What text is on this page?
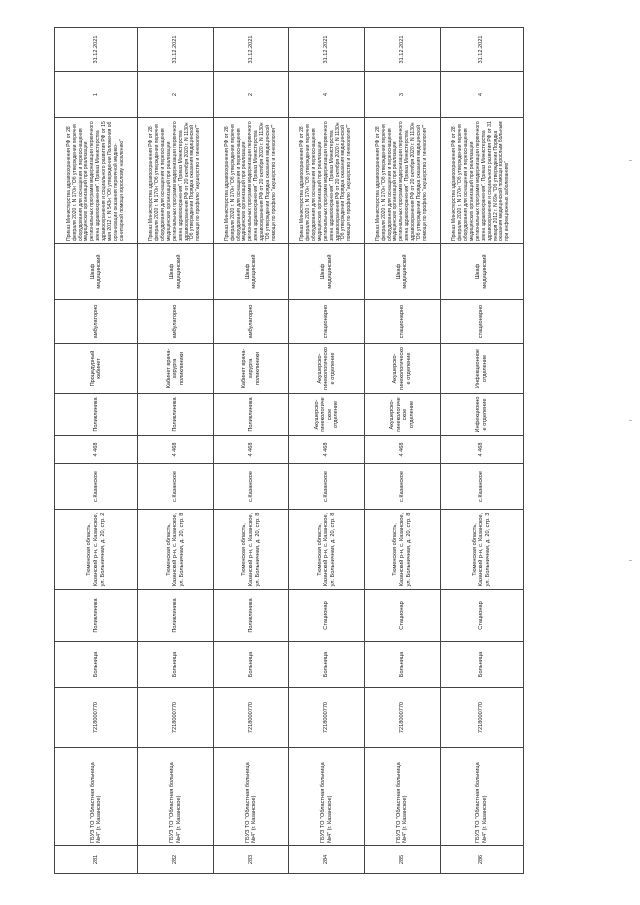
281	ГБУЗ ТО "Областная больница №4" (г. Казанское)	7218000770	Больница	Поликлиника	Тюменская область, Казанский р-н, с. Казанское, ул. Больничная, д. 20, стр. 2	с.Казанское	4 468	Поликлиника	Процедурный кабинет	амбулаторно	Шкаф медицинский	Приказ Министерства здравоохранения РФ от 28 февраля 2020 г. N 170н "Об утверждении перечня оборудования для оснащения и переоснащения медицинских организаций при реализации региональных программ модернизации первичного звена здравоохранения". Приказ Министерства здравоохранения и социального развития РФ от 15 мая 2012 г. N 543н "Об утверждении Положения об организации оказания первичной медико-санитарной помощи взрослому населению"	1	31.12.2021
282	ГБУЗ ТО "Областная больница №4" (г. Казанское)	7218000770	Больница	Поликлиника	Тюменская область, Казанский р-н, с. Казанское, ул. Больничная, д. 20, стр. 8	с.Казанское	4 468	Поликлиника	Кабинет врача-хирурга поликлиники	амбулаторно	Шкаф медицинский	Приказ Министерства здравоохранения РФ от 28 февраля 2020 г. N 170н "Об утверждении перечня оборудования для оснащения и переоснащения медицинских организаций при реализации региональных программ модернизации первичного звена здравоохранения". Приказ Министерства здравоохранения РФ от 20 октября 2020 г. N 1130н "Об утверждении Порядка оказания медицинской помощи по профилю "акушерство и гинекология""	2	31.12.2021
283	ГБУЗ ТО "Областная больница №4" (г. Казанское)	7218000770	Больница	Поликлиника	Тюменская область, Казанский р-н, с. Казанское, ул. Больничная, д. 20, стр. 8	с.Казанское	4 468	Поликлиника	Кабинет врача-хирурга поликлиники	амбулаторно	Шкаф медицинский	Приказ Министерства здравоохранения РФ от 28 февраля 2020 г. N 170н "Об утверждении перечня оборудования для оснащения и переоснащения медицинских организаций при реализации региональных программ модернизации первичного звена здравоохранения". Приказ Министерства здравоохранения РФ от 20 октября 2020 г. N 1130н "Об утверждении Порядка оказания медицинской помощи по профилю "акушерство и гинекология""	2	31.12.2021
284	ГБУЗ ТО "Областная больница №4" (г. Казанское)	7218000770	Больница	Стационар	Тюменская область, Казанский р-н, с. Казанское, ул. Больничная, д. 20, стр. 8	с.Казанское	4 468	Акушерско-гинекологическое отделение	Акушерско-гинекологическое отделение	стационарно	Шкаф медицинский	Приказ Министерства здравоохранения РФ от 28 февраля 2020 г. N 170н "Об утверждении перечня оборудования для оснащения и переоснащения медицинских организаций при реализации региональных программ модернизации первичного звена здравоохранения". Приказ Министерства здравоохранения РФ от 20 октября 2020 г. N 1130н "Об утверждении Порядка оказания медицинской помощи по профилю "акушерство и гинекология""	4	31.12.2021
285	ГБУЗ ТО "Областная больница №4" (г. Казанское)	7218000770	Больница	Стационар	Тюменская область, Казанский р-н, с. Казанское, ул. Больничная, д. 20, стр. 8	с.Казанское	4 468	Акушерско-гинекологическое отделение	Акушерско-гинекологическое отделение	стационарно	Шкаф медицинский	Приказ Министерства здравоохранения РФ от 28 февраля 2020 г. N 170н "Об утверждении перечня оборудования для оснащения и переоснащения медицинских организаций при реализации региональных программ модернизации первичного звена здравоохранения". Приказ Министерства здравоохранения РФ от 20 октября 2020 г. N 1130н "Об утверждении Порядка оказания медицинской помощи по профилю "акушерство и гинекология""	3	31.12.2021
286	ГБУЗ ТО "Областная больница №4" (г. Казанское)	7218000770	Больница	Стационар	Тюменская область, Казанский р-н, с. Казанское, ул. Больничная, д. 20, стр. 3	с.Казанское	4 468	Инфекционное отделение	Инфекционное отделение	стационарно	Шкаф медицинский	Приказ Министерства здравоохранения РФ от 28 февраля 2020 г. N 170н "Об утверждении перечня оборудования для оснащения и переоснащения медицинских организаций при реализации региональных программ модернизации первичного звена здравоохранения". Приказ Министерства здравоохранения и социального развития РФ от 31 января 2012 г. N 69н "Об утверждении Порядка оказания медицинской помощи взрослым больным при инфекционных заболеваниях"	4	31.12.2021
